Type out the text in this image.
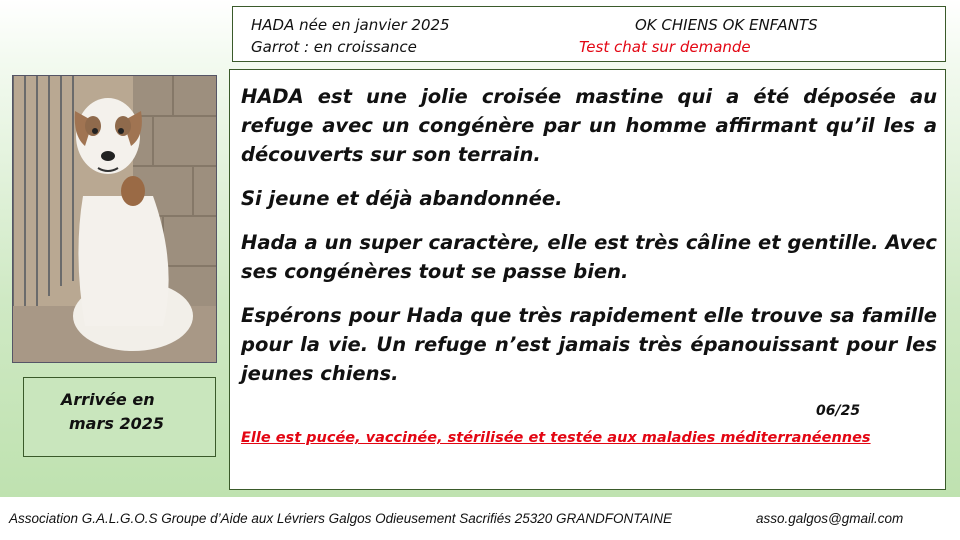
HADA née en janvier 2025
Garrot : en croissance
OK CHIENS OK ENFANTS
Test chat sur demande
Arrivée en
mars 2025

HADA est une jolie croisée mastine qui a été déposée au refuge avec un congénère par un homme affirmant qu’il les a découverts sur son terrain.

Si jeune et déjà abandonnée.

Hada a un super caractère, elle est très câline et gentille. Avec ses congénères tout se passe bien.

Espérons pour Hada que très rapidement elle trouve sa famille pour la vie. Un refuge n’est jamais très épanouissant pour les jeunes chiens.

06/25

Elle est pucée, vaccinée, stérilisée et testée aux maladies méditerranéennes

Association G.A.L.G.O.S Groupe d’Aide aux Lévriers Galgos Odieusement Sacrifiés 25320 GRANDFONTAINE	asso.galgos@gmail.com
